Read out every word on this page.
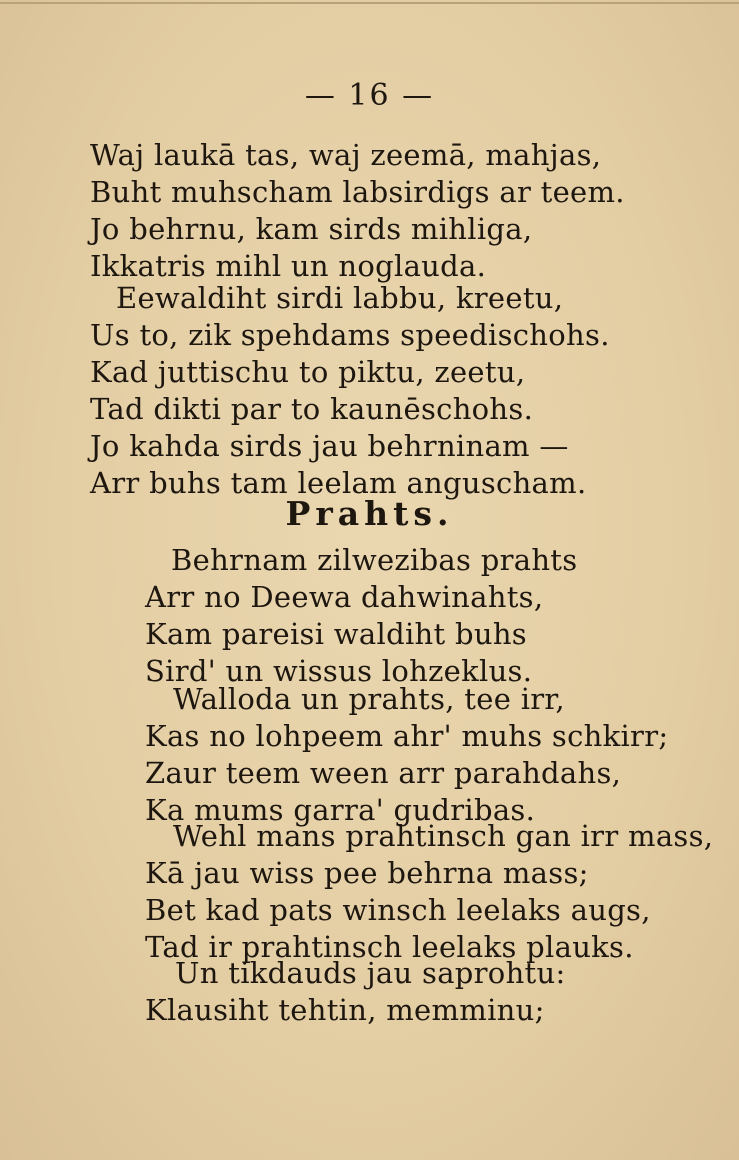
— 16 —
Waj laukā tas, waj zeemā, mahjas,
Buht muhscham labsirdigs ar teem.
Jo behrnu, kam sirds mihliga,
Ikkatris mihl un noglauda.
Eewaldiht sirdi labbu, kreetu,
Us to, zik spehdams speedischohs.
Kad juttischu to piktu, zeetu,
Tad dikti par to kaunēschohs.
Jo kahda sirds jau behrninam —
Arr buhs tam leelam anguscham.
Prahts.
Behrnam zilwezibas prahts
Arr no Deewa dahwinahts,
Kam pareisi waldiht buhs
Sird' un wissus lohzeklus.
Walloda un prahts, tee irr,
Kas no lohpeem ahr' muhs schkirr;
Zaur teem ween arr parahdahs,
Ka mums garra' gudribas.
Wehl mans prahtinsch gan irr mass,
Kā jau wiss pee behrna mass;
Bet kad pats winsch leelaks augs,
Tad ir prahtinsch leelaks plauks.
Un tikdauds jau saprohtu:
Klausiht tehtin, memminu;
